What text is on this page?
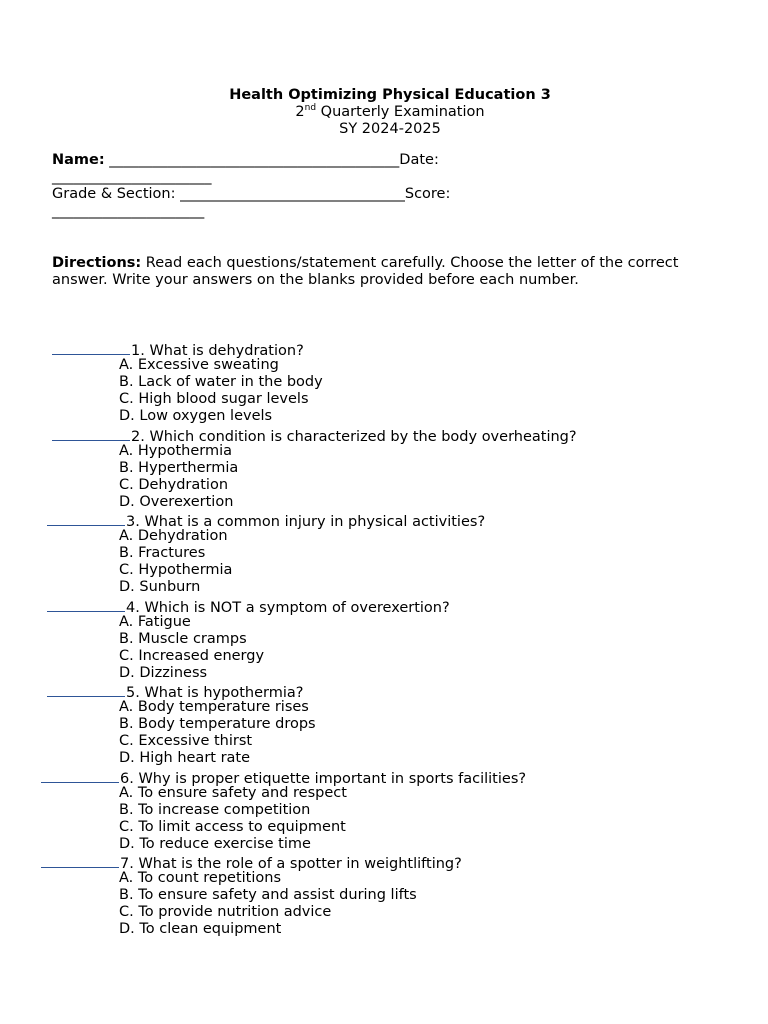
Health Optimizing Physical Education 3
2nd Quarterly Examination
SY 2024-2025
Name: ________________________________________Date:
______________________
Grade & Section: _______________________________Score:
_____________________
Directions: Read each questions/statement carefully. Choose the letter of the correct answer. Write your answers on the blanks provided before each number.
1. What is dehydration?
A. Excessive sweating
B. Lack of water in the body
C. High blood sugar levels
D. Low oxygen levels
2. Which condition is characterized by the body overheating?
A. Hypothermia
B. Hyperthermia
C. Dehydration
D. Overexertion
3. What is a common injury in physical activities?
A. Dehydration
B. Fractures
C. Hypothermia
D. Sunburn
4. Which is NOT a symptom of overexertion?
A. Fatigue
B. Muscle cramps
C. Increased energy
D. Dizziness
5. What is hypothermia?
A. Body temperature rises
B. Body temperature drops
C. Excessive thirst
D. High heart rate
6. Why is proper etiquette important in sports facilities?
A. To ensure safety and respect
B. To increase competition
C. To limit access to equipment
D. To reduce exercise time
7. What is the role of a spotter in weightlifting?
A. To count repetitions
B. To ensure safety and assist during lifts
C. To provide nutrition advice
D. To clean equipment
